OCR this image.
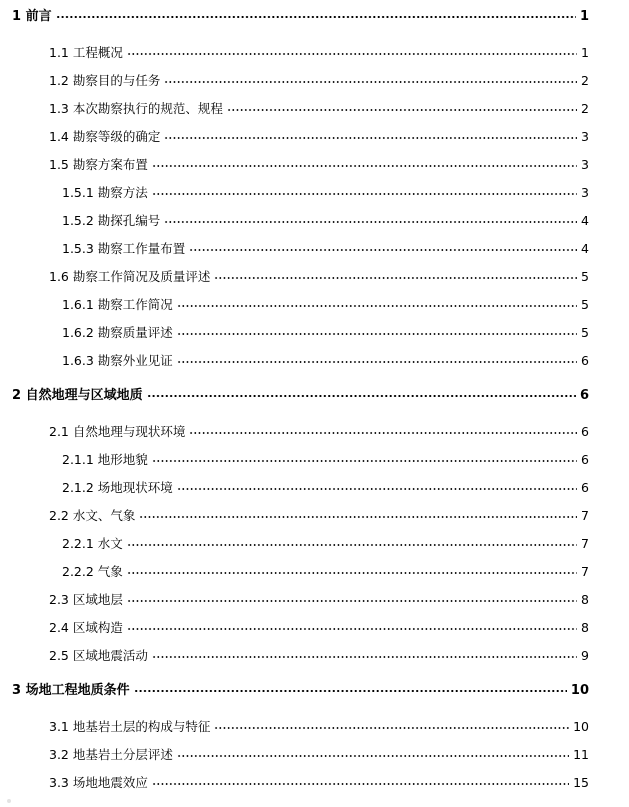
1 前言	1
1.1 工程概况	1
1.2 勘察目的与任务	2
1.3 本次勘察执行的规范、规程	2
1.4 勘察等级的确定	3
1.5 勘察方案布置	3
1.5.1 勘察方法	3
1.5.2 勘探孔编号	4
1.5.3 勘察工作量布置	4
1.6 勘察工作简况及质量评述	5
1.6.1 勘察工作简况	5
1.6.2 勘察质量评述	5
1.6.3 勘察外业见证	6
2 自然地理与区域地质	6
2.1 自然地理与现状环境	6
2.1.1 地形地貌	6
2.1.2 场地现状环境	6
2.2 水文、气象	7
2.2.1 水文	7
2.2.2 气象	7
2.3 区域地层	8
2.4 区域构造	8
2.5 区域地震活动	9
3 场地工程地质条件	10
3.1 地基岩土层的构成与特征	10
3.2 地基岩土分层评述	11
3.3 场地地震效应	15
